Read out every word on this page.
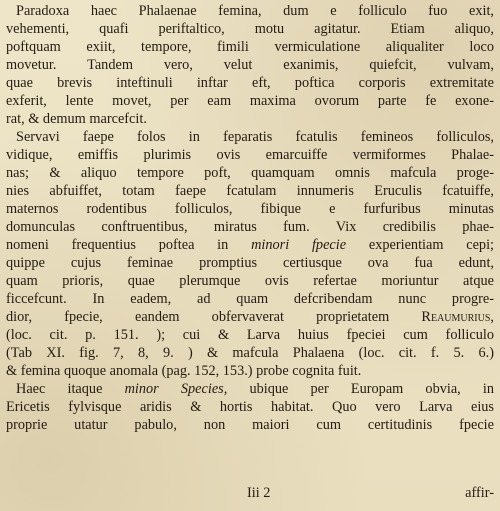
Paradoxa haec Phalaenae femina, dum e folliculo fuo exit,
vehementi, quafi periftaltico, motu agitatur. Etiam aliquo,
poftquam exiit, tempore, fimili vermiculatione aliqualiter loco
movetur. Tandem vero, velut exanimis, quiefcit, vulvam,
quae brevis inteftinuli inftar eft, poftica corporis extremitate
exferit, lente movet, per eam maxima ovorum parte fe exone-
rat, & demum marcefcit.
Servavi faepe folos in feparatis fcatulis femineos folliculos,
vidique, emiffis plurimis ovis emarcuiffe vermiformes Phalae-
nas; & aliquo tempore poft, quamquam omnis mafcula proge-
nies abfuiffet, totam faepe fcatulam innumeris Eruculis fcatuiffe,
maternos rodentibus folliculos, fibique e furfuribus minutas
domunculas conftruentibus, miratus fum. Vix credibilis phae-
nomeni frequentius poftea in minori fpecie experientiam cepi;
quippe cujus feminae promptius certiusque ova fua edunt,
quam prioris, quae plerumque ovis refertae moriuntur atque
ficcefcunt. In eadem, ad quam defcribendam nunc progre-
dior, fpecie, eandem obfervaverat proprietatem Reaumurius,
(loc. cit. p. 151. ); cui & Larva huius fpeciei cum folliculo
(Tab XI. fig. 7, 8, 9. ) & mafcula Phalaena (loc. cit. f. 5. 6.)
& femina quoque anomala (pag. 152, 153.) probe cognita fuit.
Haec itaque minor Species, ubique per Europam obvia, in
Ericetis fylvisque aridis & hortis habitat. Quo vero Larva eius
proprie utatur pabulo, non maiori cum certitudinis fpecie
Iii 2	affir-
